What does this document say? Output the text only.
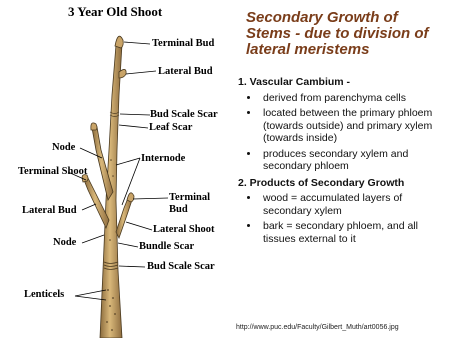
3 Year Old Shoot
Terminal Bud
Lateral Bud
Bud Scale Scar
Leaf Scar
Node
Internode
Terminal Shoot
Terminal
Bud
Lateral Bud
Lateral Shoot
Node	Bundle Scar
Bud Scale Scar
Lenticels
Secondary Growth of Stems - due to division of lateral meristems
1. Vascular Cambium -
• derived from parenchyma cells
• located between the primary phloem (towards outside) and primary xylem (towards inside)
• produces secondary xylem and secondary phloem
2. Products of Secondary Growth
• wood = accumulated layers of secondary xylem
• bark = secondary phloem, and all tissues external to it
http://www.puc.edu/Faculty/Gilbert_Muth/art0056.jpg
